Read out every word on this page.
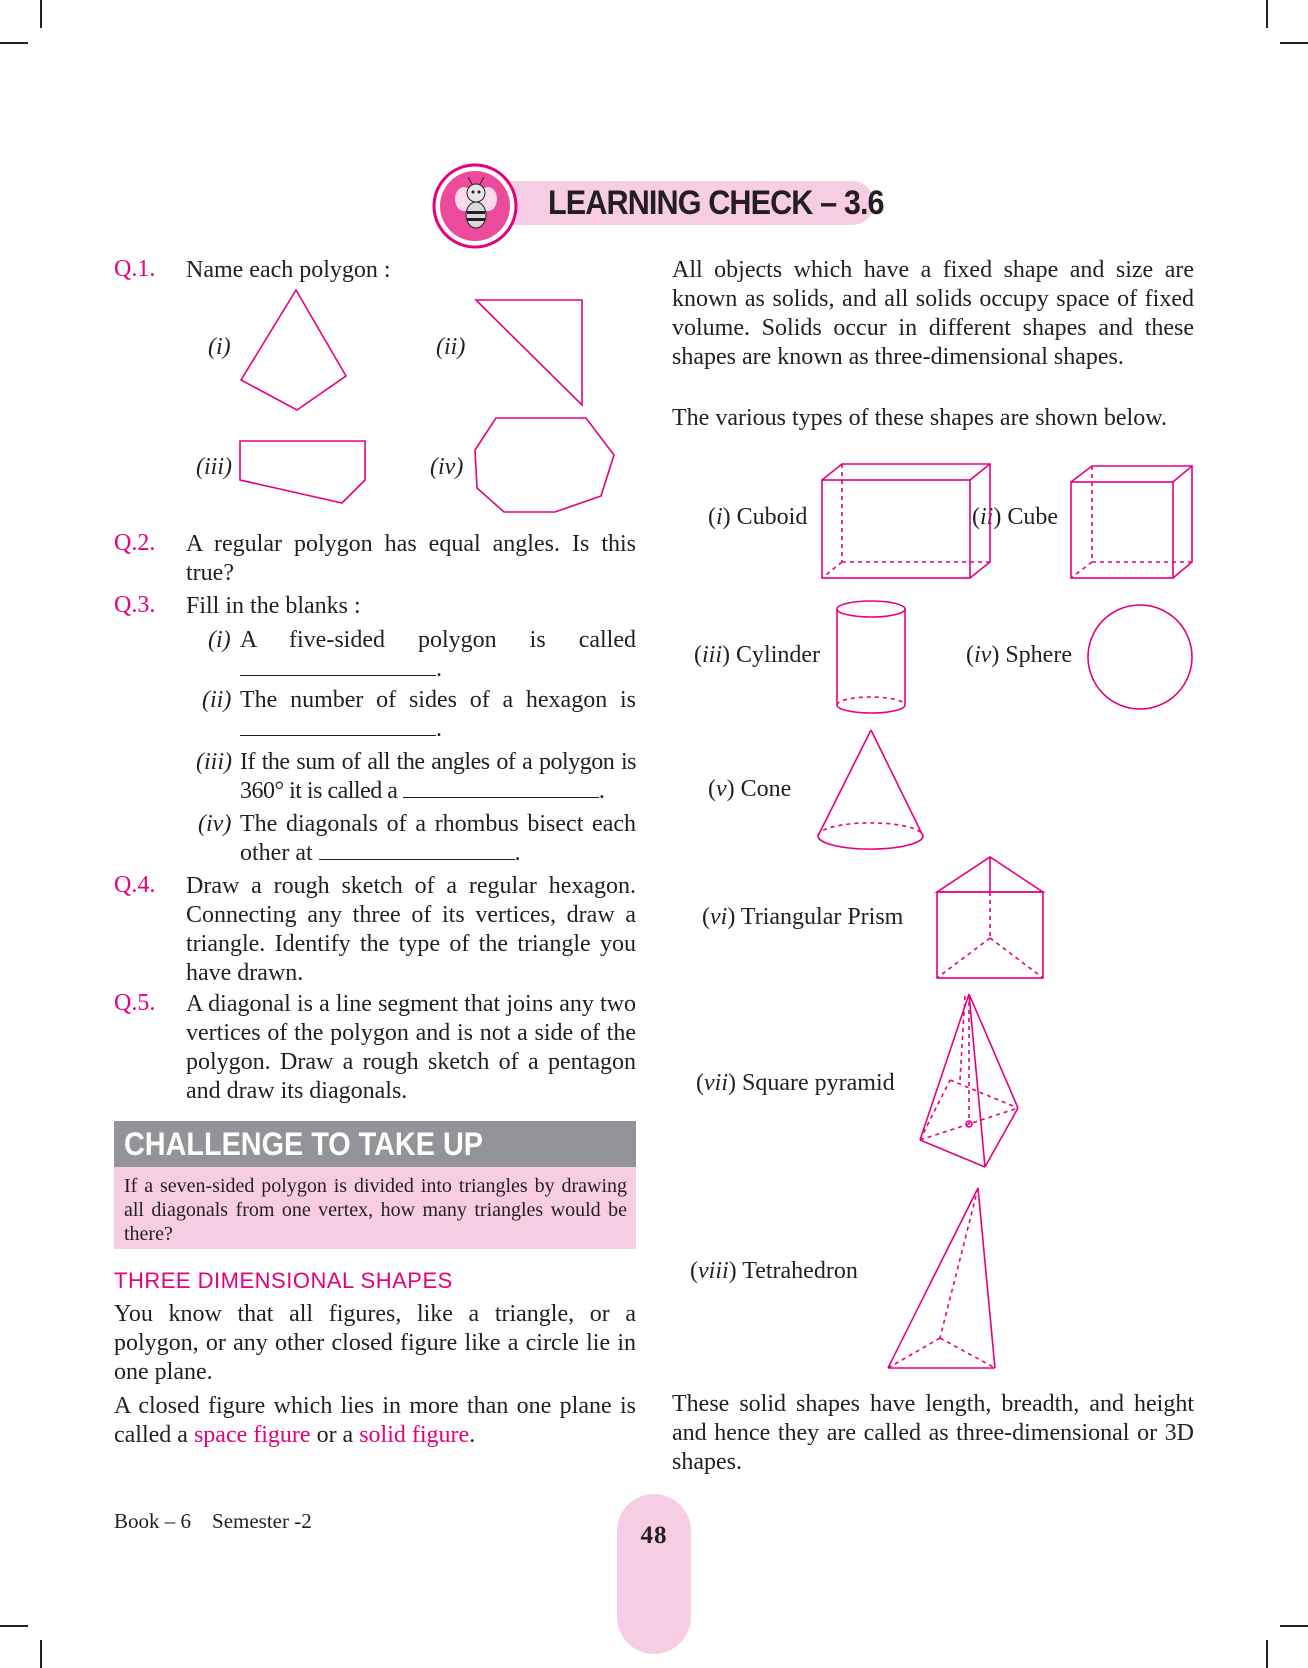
LEARNING CHECK – 3.6
Q.1. Name each polygon :
(i)	(ii)
(iii)	(iv)
Q.2. A regular polygon has equal angles. Is this true?
Q.3. Fill in the blanks :
(i) A five-sided polygon is called
.
(ii) The number of sides of a hexagon is
.
(iii) If the sum of all the angles of a polygon is 360° it is called a	.
(iv) The diagonals of a rhombus bisect each other at	.
Q.4. Draw a rough sketch of a regular hexagon. Connecting any three of its vertices, draw a triangle. Identify the type of the triangle you have drawn.
Q.5. A diagonal is a line segment that joins any two vertices of the polygon and is not a side of the polygon. Draw a rough sketch of a pentagon and draw its diagonals.
CHALLENGE TO TAKE UP
If a seven-sided polygon is divided into triangles by drawing all diagonals from one vertex, how many triangles would be there?
THREE DIMENSIONAL SHAPES
You know that all figures, like a triangle, or a polygon, or any other closed figure like a circle lie in one plane.
A closed figure which lies in more than one plane is called a space figure or a solid figure.
All objects which have a fixed shape and size are known as solids, and all solids occupy space of fixed volume. Solids occur in different shapes and these shapes are known as three-dimensional shapes.
The various types of these shapes are shown below.
(i) Cuboid	(ii) Cube
(iii) Cylinder	(iv) Sphere
(v) Cone
(vi) Triangular Prism
(vii) Square pyramid
(viii) Tetrahedron
These solid shapes have length, breadth, and height and hence they are called as three-dimensional or 3D shapes.
Book – 6 Semester -2
48
